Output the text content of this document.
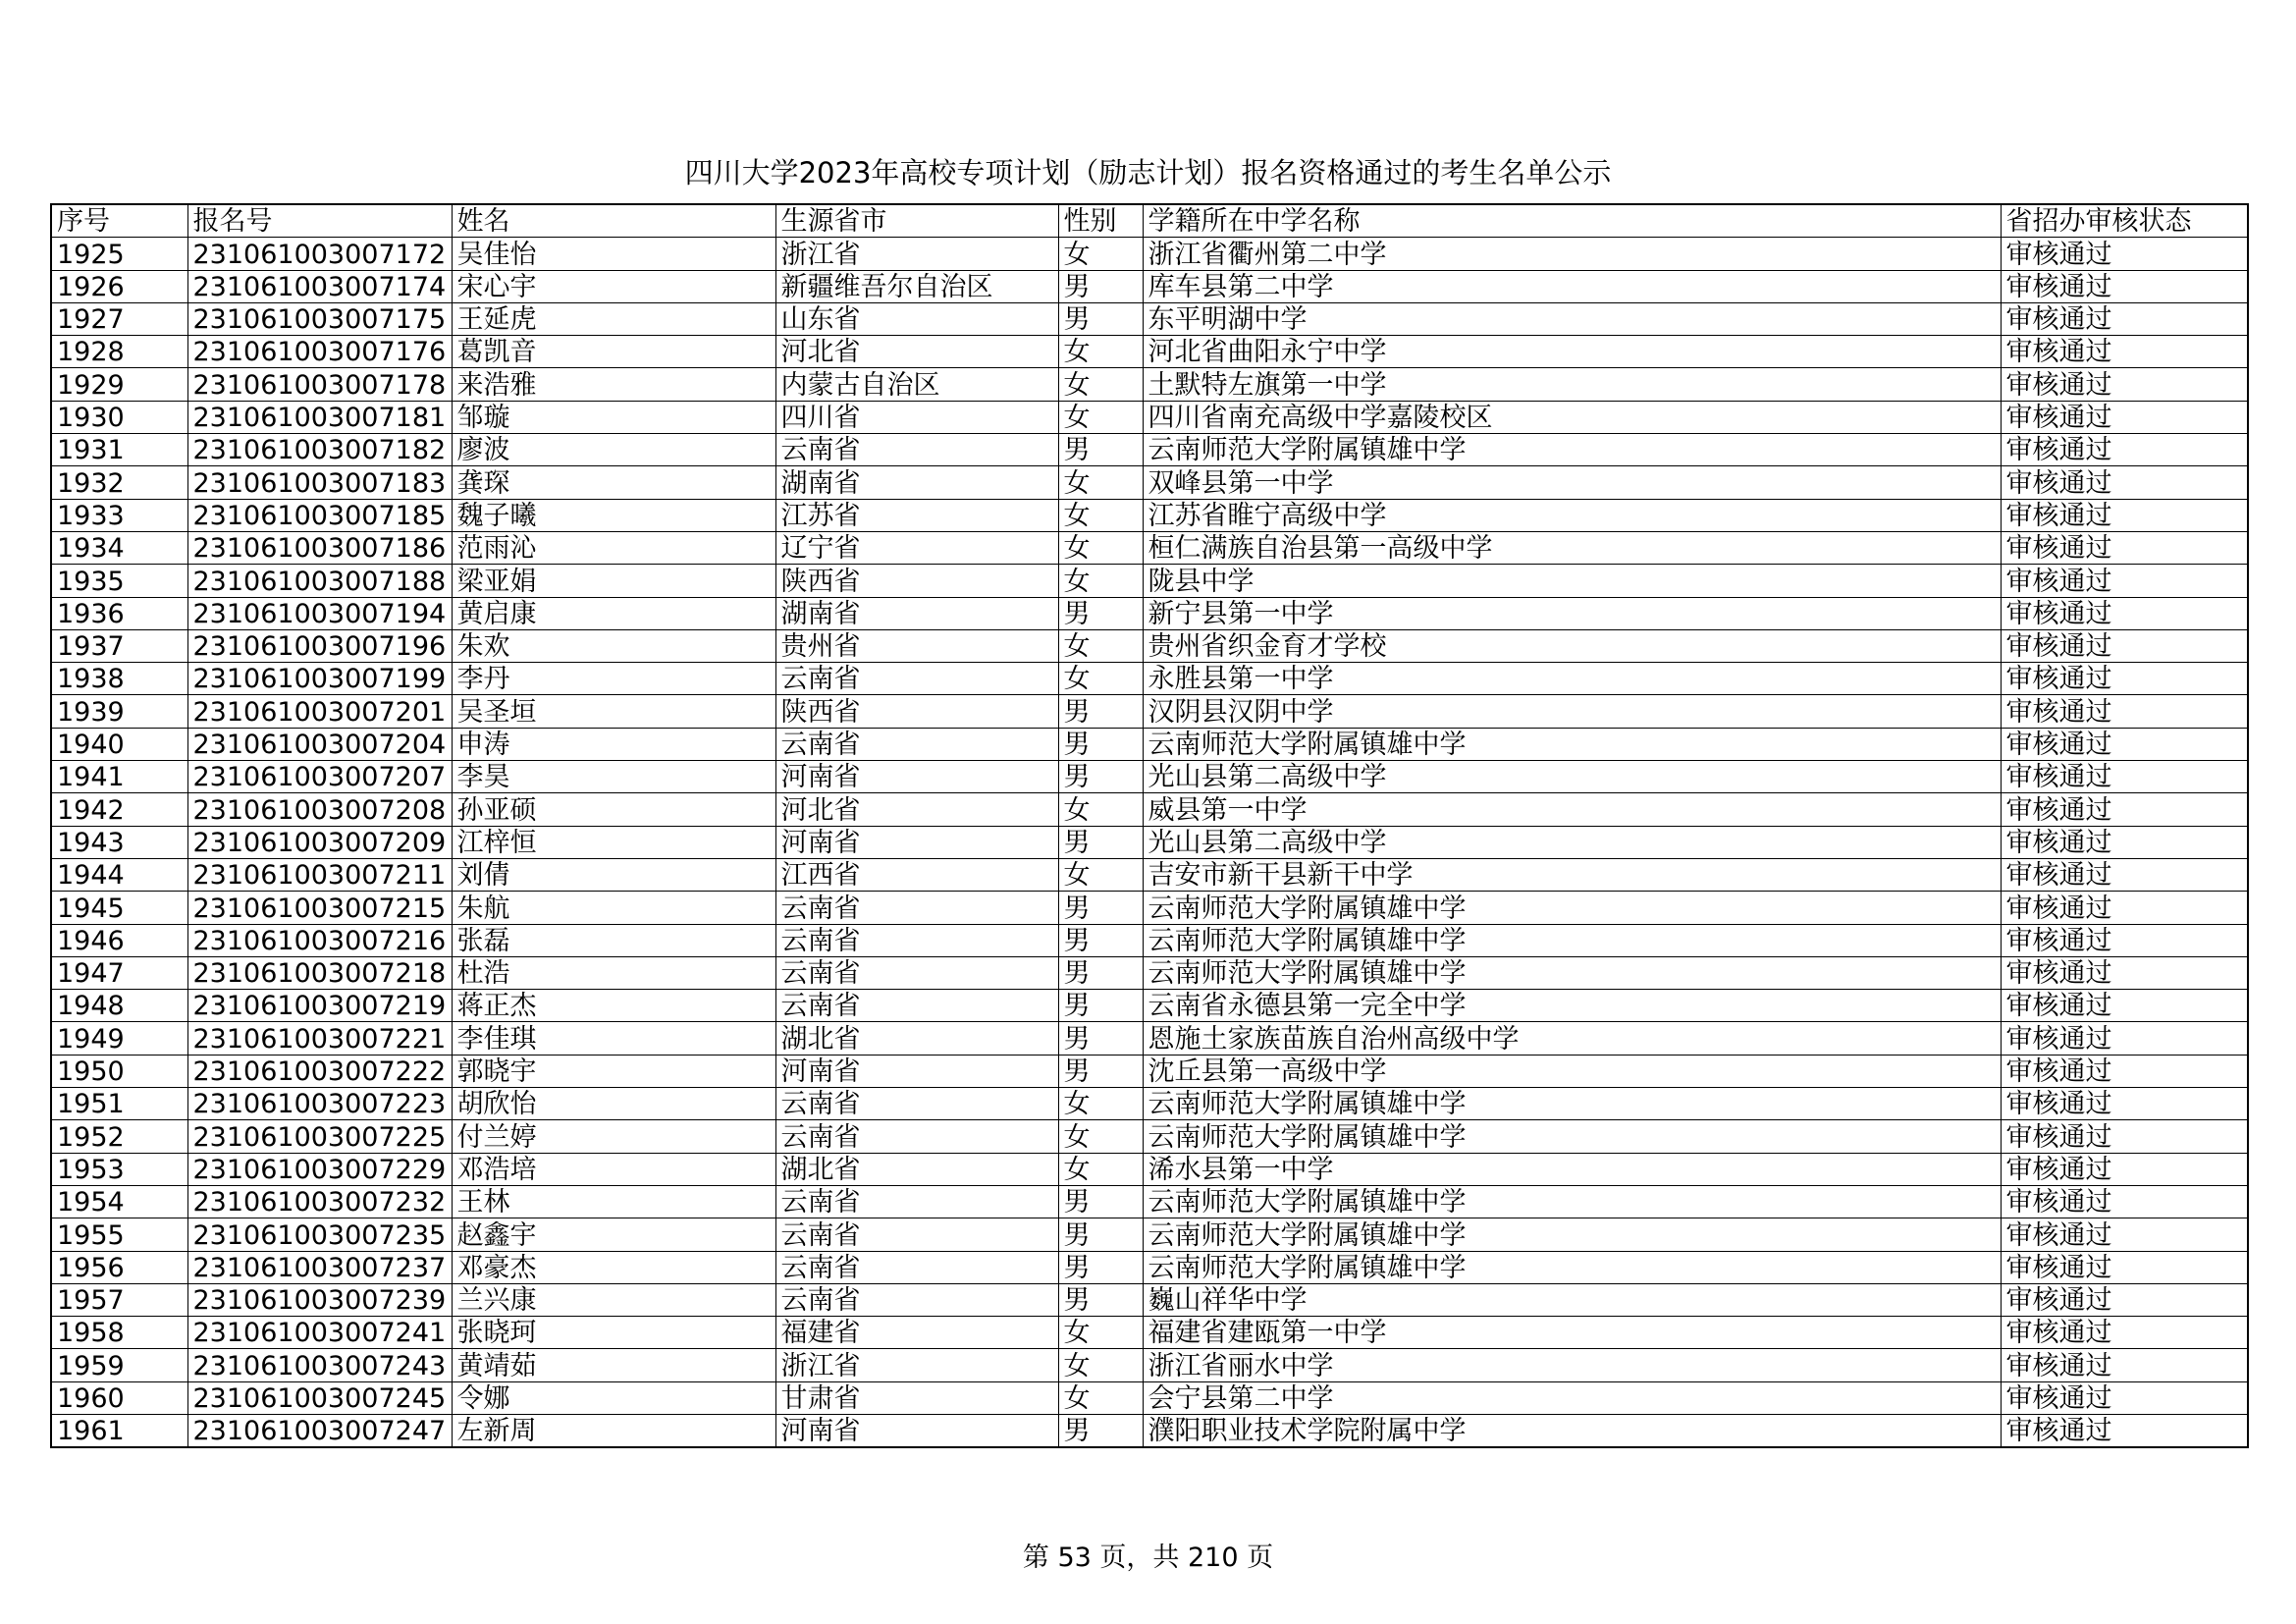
四川大学2023年高校专项计划（励志计划）报名资格通过的考生名单公示
序号	报名号	姓名	生源省市	性别	学籍所在中学名称	省招办审核状态
1925	231061003007172	吴佳怡	浙江省	女	浙江省衢州第二中学	审核通过
1926	231061003007174	宋心宇	新疆维吾尔自治区	男	库车县第二中学	审核通过
1927	231061003007175	王延虎	山东省	男	东平明湖中学	审核通过
1928	231061003007176	葛凯音	河北省	女	河北省曲阳永宁中学	审核通过
1929	231061003007178	来浩雅	内蒙古自治区	女	土默特左旗第一中学	审核通过
1930	231061003007181	邹璇	四川省	女	四川省南充高级中学嘉陵校区	审核通过
1931	231061003007182	廖波	云南省	男	云南师范大学附属镇雄中学	审核通过
1932	231061003007183	龚琛	湖南省	女	双峰县第一中学	审核通过
1933	231061003007185	魏子曦	江苏省	女	江苏省睢宁高级中学	审核通过
1934	231061003007186	范雨沁	辽宁省	女	桓仁满族自治县第一高级中学	审核通过
1935	231061003007188	梁亚娟	陕西省	女	陇县中学	审核通过
1936	231061003007194	黄启康	湖南省	男	新宁县第一中学	审核通过
1937	231061003007196	朱欢	贵州省	女	贵州省织金育才学校	审核通过
1938	231061003007199	李丹	云南省	女	永胜县第一中学	审核通过
1939	231061003007201	吴圣垣	陕西省	男	汉阴县汉阴中学	审核通过
1940	231061003007204	申涛	云南省	男	云南师范大学附属镇雄中学	审核通过
1941	231061003007207	李昊	河南省	男	光山县第二高级中学	审核通过
1942	231061003007208	孙亚硕	河北省	女	威县第一中学	审核通过
1943	231061003007209	江梓恒	河南省	男	光山县第二高级中学	审核通过
1944	231061003007211	刘倩	江西省	女	吉安市新干县新干中学	审核通过
1945	231061003007215	朱航	云南省	男	云南师范大学附属镇雄中学	审核通过
1946	231061003007216	张磊	云南省	男	云南师范大学附属镇雄中学	审核通过
1947	231061003007218	杜浩	云南省	男	云南师范大学附属镇雄中学	审核通过
1948	231061003007219	蒋正杰	云南省	男	云南省永德县第一完全中学	审核通过
1949	231061003007221	李佳琪	湖北省	男	恩施土家族苗族自治州高级中学	审核通过
1950	231061003007222	郭晓宇	河南省	男	沈丘县第一高级中学	审核通过
1951	231061003007223	胡欣怡	云南省	女	云南师范大学附属镇雄中学	审核通过
1952	231061003007225	付兰婷	云南省	女	云南师范大学附属镇雄中学	审核通过
1953	231061003007229	邓浩培	湖北省	女	浠水县第一中学	审核通过
1954	231061003007232	王林	云南省	男	云南师范大学附属镇雄中学	审核通过
1955	231061003007235	赵鑫宇	云南省	男	云南师范大学附属镇雄中学	审核通过
1956	231061003007237	邓豪杰	云南省	男	云南师范大学附属镇雄中学	审核通过
1957	231061003007239	兰兴康	云南省	男	巍山祥华中学	审核通过
1958	231061003007241	张晓珂	福建省	女	福建省建瓯第一中学	审核通过
1959	231061003007243	黄靖茹	浙江省	女	浙江省丽水中学	审核通过
1960	231061003007245	令娜	甘肃省	女	会宁县第二中学	审核通过
1961	231061003007247	左新周	河南省	男	濮阳职业技术学院附属中学	审核通过
第 53 页，共 210 页
